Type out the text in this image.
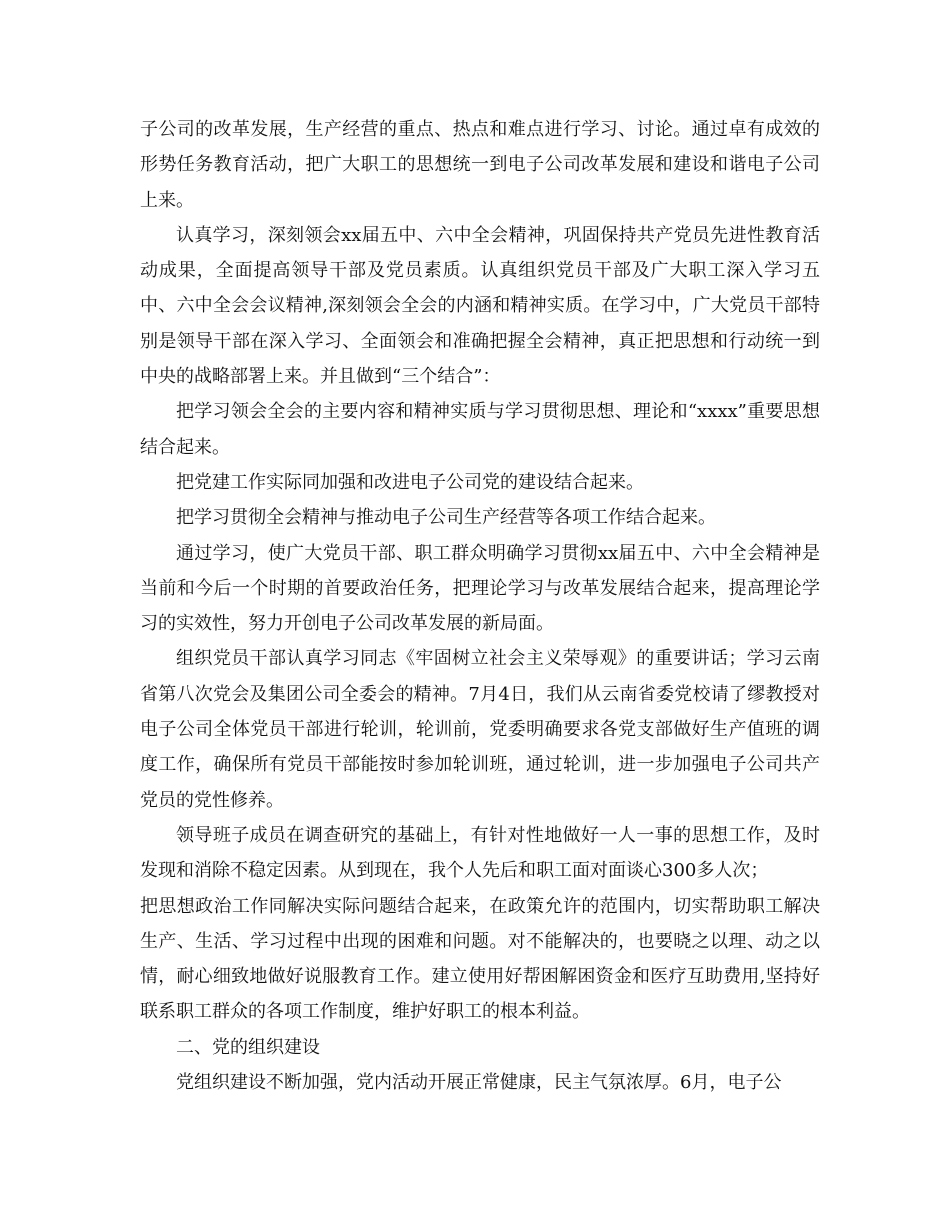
子公司的改革发展，生产经营的重点、热点和难点进行学习、讨论。通过卓有成效的形势任务教育活动，把广大职工的思想统一到电子公司改革发展和建设和谐电子公司上来。

认真学习，深刻领会xx届五中、六中全会精神，巩固保持共产党员先进性教育活动成果，全面提高领导干部及党员素质。认真组织党员干部及广大职工深入学习五中、六中全会会议精神,深刻领会全会的内涵和精神实质。在学习中，广大党员干部特别是领导干部在深入学习、全面领会和准确把握全会精神，真正把思想和行动统一到中央的战略部署上来。并且做到“三个结合”：

把学习领会全会的主要内容和精神实质与学习贯彻思想、理论和“xxxx”重要思想结合起来。

把党建工作实际同加强和改进电子公司党的建设结合起来。

把学习贯彻全会精神与推动电子公司生产经营等各项工作结合起来。

通过学习，使广大党员干部、职工群众明确学习贯彻xx届五中、六中全会精神是当前和今后一个时期的首要政治任务，把理论学习与改革发展结合起来，提高理论学习的实效性，努力开创电子公司改革发展的新局面。

组织党员干部认真学习同志《牢固树立社会主义荣辱观》的重要讲话；学习云南省第八次党会及集团公司全委会的精神。7月4日，我们从云南省委党校请了缪教授对电子公司全体党员干部进行轮训，轮训前，党委明确要求各党支部做好生产值班的调度工作，确保所有党员干部能按时参加轮训班，通过轮训，进一步加强电子公司共产党员的党性修养。

领导班子成员在调查研究的基础上，有针对性地做好一人一事的思想工作，及时发现和消除不稳定因素。从到现在，我个人先后和职工面对面谈心300多人次；

把思想政治工作同解决实际问题结合起来，在政策允许的范围内，切实帮助职工解决生产、生活、学习过程中出现的困难和问题。对不能解决的，也要晓之以理、动之以情，耐心细致地做好说服教育工作。建立使用好帮困解困资金和医疗互助费用,坚持好联系职工群众的各项工作制度，维护好职工的根本利益。

二、党的组织建设

党组织建设不断加强，党内活动开展正常健康，民主气氛浓厚。6月，电子公
